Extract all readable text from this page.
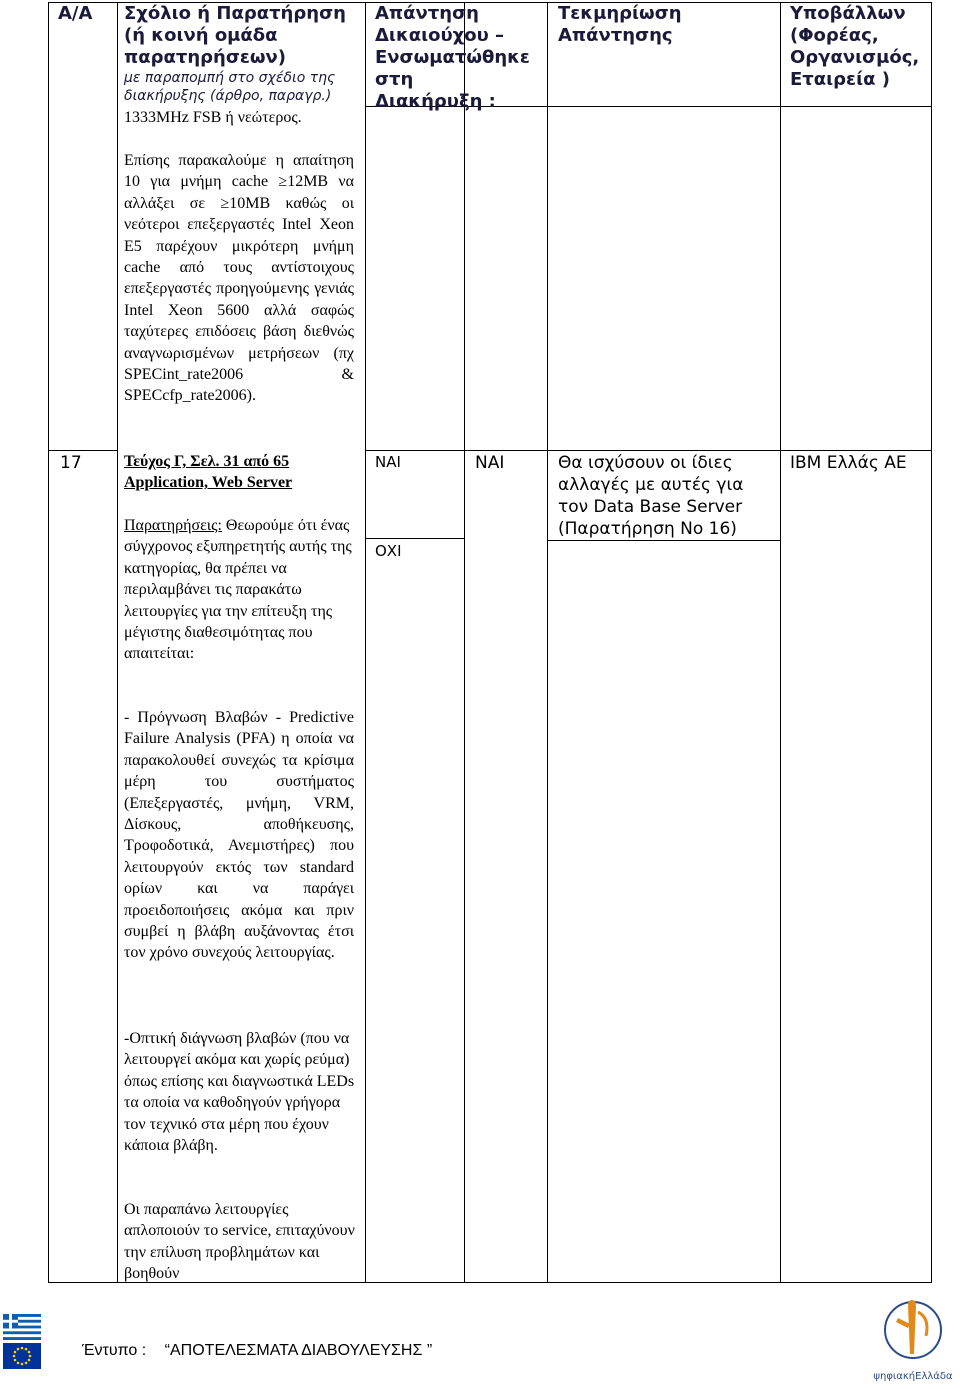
Α/Α Σχόλιο ή Παρατήρηση (ή κοινή ομάδα παρατηρήσεων)
με παραπομπή στο σχέδιο της διακήρυξης (άρθρο, παραγρ.)
Απάντηση Δικαιούχου – Ενσωματώθηκε στη Διακήρυξη :
Τεκμηρίωση Απάντησης
Υποβάλλων (Φορέας, Οργανισμός, Εταιρεία )
1333MHz FSB ή νεώτερος.
Επίσης παρακαλούμε η απαίτηση 10 για μνήμη cache ≥12MB να αλλάξει σε ≥10MB καθώς οι νεότεροι επεξεργαστές Intel Xeon E5 παρέχουν μικρότερη μνήμη cache από τους αντίστοιχους επεξεργαστές προηγούμενης γενιάς Intel Xeon 5600 αλλά σαφώς ταχύτερες επιδόσεις βάση διεθνώς αναγνωρισμένων μετρήσεων (πχ SPECint_rate2006 & SPECcfp_rate2006).
17	Τεύχος Γ, Σελ. 31 από 65
Application, Web Server
Παρατηρήσεις: Θεωρούμε ότι ένας σύγχρονος εξυπηρετητής αυτής της κατηγορίας, θα πρέπει να περιλαμβάνει τις παρακάτω λειτουργίες για την επίτευξη της μέγιστης διαθεσιμότητας που απαιτείται:
- Πρόγνωση Βλαβών - Predictive Failure Analysis (PFA) η οποία να παρακολουθεί συνεχώς τα κρίσιμα μέρη του συστήματος (Επεξεργαστές, μνήμη, VRM, Δίσκους, αποθήκευσης, Τροφοδοτικά, Ανεμιστήρες) που λειτουργούν εκτός των standard ορίων και να παράγει προειδοποιήσεις ακόμα και πριν συμβεί η βλάβη αυξάνοντας έτσι τον χρόνο συνεχούς λειτουργίας.
-Οπτική διάγνωση βλαβών (που να λειτουργεί ακόμα και χωρίς ρεύμα) όπως επίσης και διαγνωστικά LEDs τα οποία να καθοδηγούν γρήγορα τον τεχνικό στα μέρη που έχουν κάποια βλάβη.
Οι παραπάνω λειτουργίες απλοποιούν το service, επιταχύνουν την επίλυση προβλημάτων και βοηθούν
ΝΑΙ
ΟΧΙ
ΝΑΙ	Θα ισχύσουν οι ίδιες αλλαγές με αυτές για τον Data Base Server (Παρατήρηση Νο 16)
IBM Ελλάς ΑΕ
Έντυπο : “ΑΠΟΤΕΛΕΣΜΑΤΑ ΔΙΑΒΟΥΛΕΥΣΗΣ ”
ψηφιακήΕλλάδα
